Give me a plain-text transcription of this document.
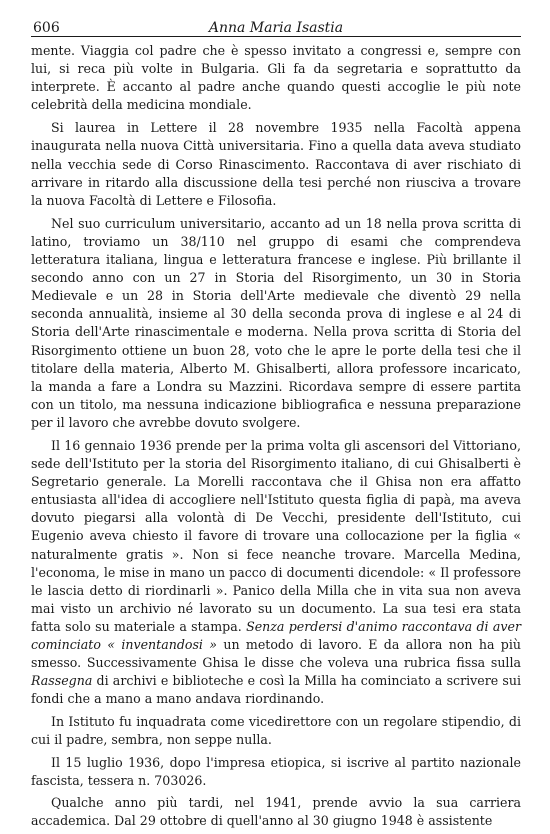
606	Anna Maria Isastia

mente. Viaggia col padre che è spesso invitato a congressi e, sempre con lui, si reca più volte in Bulgaria. Gli fa da segretaria e soprattutto da interprete. È accanto al padre anche quando questi accoglie le più note celebrità della medicina mondiale.

Si laurea in Lettere il 28 novembre 1935 nella Facoltà appena inaugurata nella nuova Città universitaria. Fino a quella data aveva studiato nella vecchia sede di Corso Rinascimento. Raccontava di aver rischiato di arrivare in ritardo alla discussione della tesi perché non riusciva a trovare la nuova Facoltà di Lettere e Filosofia.

Nel suo curriculum universitario, accanto ad un 18 nella prova scritta di latino, troviamo un 38/110 nel gruppo di esami che comprendeva letteratura italiana, lingua e letteratura francese e inglese. Più brillante il secondo anno con un 27 in Storia del Risorgimento, un 30 in Storia Medievale e un 28 in Storia dell'Arte medievale che diventò 29 nella seconda annualità, insieme al 30 della seconda prova di inglese e al 24 di Storia dell'Arte rinascimentale e moderna. Nella prova scritta di Storia del Risorgimento ottiene un buon 28, voto che le apre le porte della tesi che il titolare della materia, Alberto M. Ghisalberti, allora professore incaricato, la manda a fare a Londra su Mazzini. Ricordava sempre di essere partita con un titolo, ma nessuna indicazione bibliografica e nessuna preparazione per il lavoro che avrebbe dovuto svolgere.

Il 16 gennaio 1936 prende per la prima volta gli ascensori del Vittoriano, sede dell'Istituto per la storia del Risorgimento italiano, di cui Ghisalberti è Segretario generale. La Morelli raccontava che il Ghisa non era affatto entusiasta all'idea di accogliere nell'Istituto questa figlia di papà, ma aveva dovuto piegarsi alla volontà di De Vecchi, presidente dell'Istituto, cui Eugenio aveva chiesto il favore di trovare una collocazione per la figlia « naturalmente gratis ». Non si fece neanche trovare. Marcella Medina, l'economa, le mise in mano un pacco di documenti dicendole: « Il professore le lascia detto di riordinarli ». Panico della Milla che in vita sua non aveva mai visto un archivio né lavorato su un documento. La sua tesi era stata fatta solo su materiale a stampa. Senza perdersi d'animo raccontava di aver cominciato « inventandosi » un metodo di lavoro. E da allora non ha più smesso. Successivamente Ghisa le disse che voleva una rubrica fissa sulla Rassegna di archivi e biblioteche e così la Milla ha cominciato a scrivere sui fondi che a mano a mano andava riordinando.

In Istituto fu inquadrata come vicedirettore con un regolare stipendio, di cui il padre, sembra, non seppe nulla.

Il 15 luglio 1936, dopo l'impresa etiopica, si iscrive al partito nazionale fascista, tessera n. 703026.

Qualche anno più tardi, nel 1941, prende avvio la sua carriera accademica. Dal 29 ottobre di quell'anno al 30 giugno 1948 è assistente
